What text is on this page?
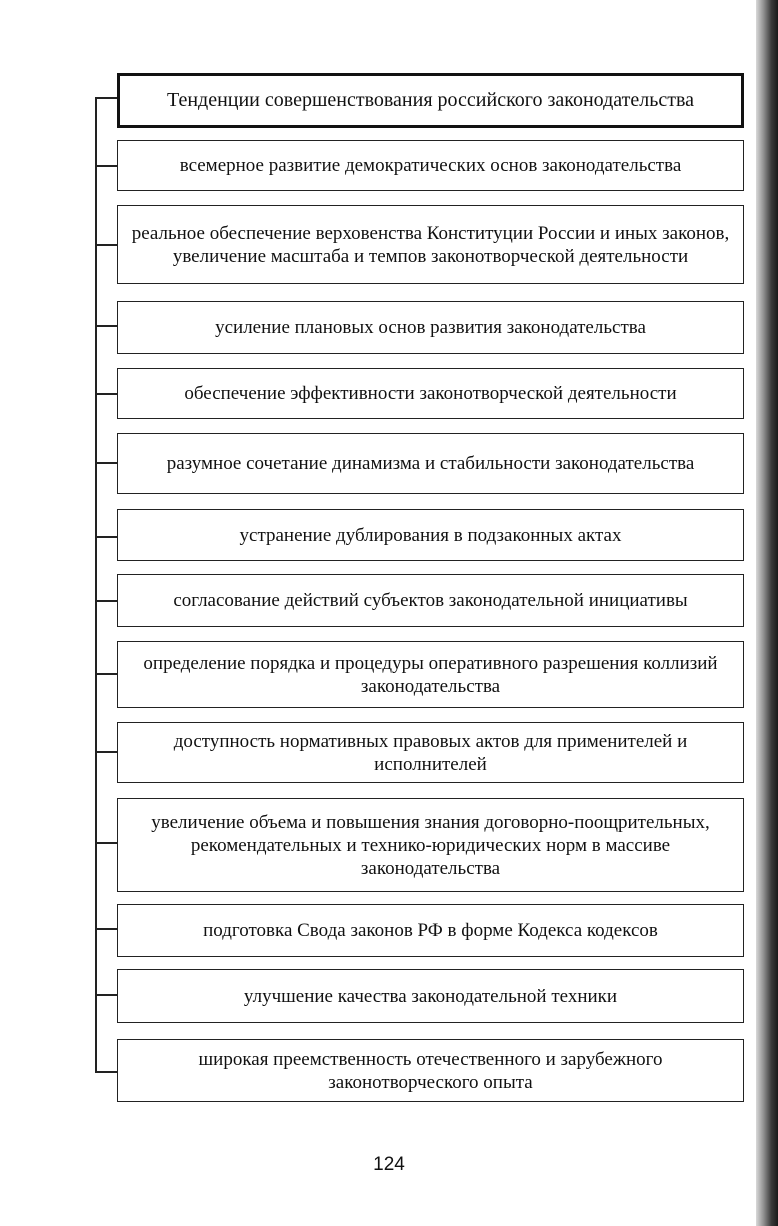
Тенденции совершенствования российского законодательства
всемерное развитие демократических основ законодательства
реальное обеспечение верховенства Конституции России и иных законов, увеличение масштаба и темпов законотворческой деятельности
усиление плановых основ развития законодательства
обеспечение эффективности законотворческой деятельности
разумное сочетание динамизма и стабильности законодательства
устранение дублирования в подзаконных актах
согласование действий субъектов законодательной инициативы
определение порядка и процедуры оперативного разрешения коллизий законодательства
доступность нормативных правовых актов для применителей и исполнителей
увеличение объема и повышения знания договорно-поощрительных, рекомендательных и технико-юридических норм в массиве законодательства
подготовка Свода законов РФ в форме Кодекса кодексов
улучшение качества законодательной техники
широкая преемственность отечественного и зарубежного законотворческого опыта
124
